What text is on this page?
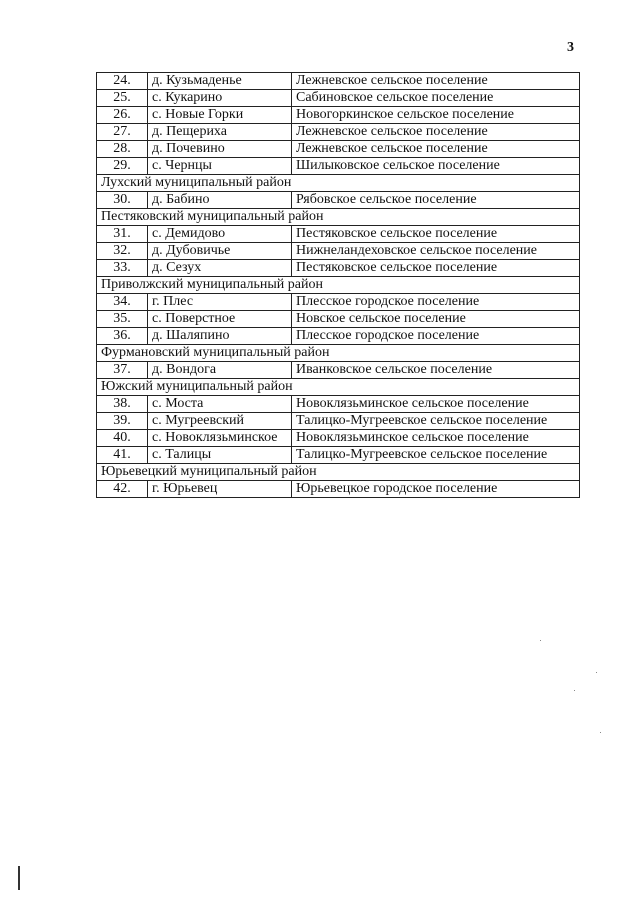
3
24.	д. Кузьмаденье	Лежневское сельское поселение
25.	с. Кукарино	Сабиновское сельское поселение
26.	с. Новые Горки	Новогоркинское сельское поселение
27.	д. Пещериха	Лежневское сельское поселение
28.	д. Почевино	Лежневское сельское поселение
29.	с. Чернцы	Шилыковское сельское поселение
Лухский муниципальный район		
30.	д. Бабино	Рябовское сельское поселение
Пестяковский муниципальный район		
31.	с. Демидово	Пестяковское сельское поселение
32.	д. Дубовичье	Нижнеландеховское сельское поселение
33.	д. Сезух	Пестяковское сельское поселение
Приволжский муниципальный район		
34.	г. Плес	Плесское городское поселение
35.	с. Поверстное	Новское сельское поселение
36.	д. Шаляпино	Плесское городское поселение
Фурмановский муниципальный район		
37.	д. Вондога	Иванковское сельское поселение
Южский муниципальный район		
38.	с. Моста	Новоклязьминское сельское поселение
39.	с. Мугреевский	Талицко-Мугреевское сельское поселение
40.	с. Новоклязьминское	Новоклязьминское сельское поселение
41.	с. Талицы	Талицко-Мугреевское сельское поселение
Юрьевецкий муниципальный район		
42.	г. Юрьевец	Юрьевецкое городское поселение
